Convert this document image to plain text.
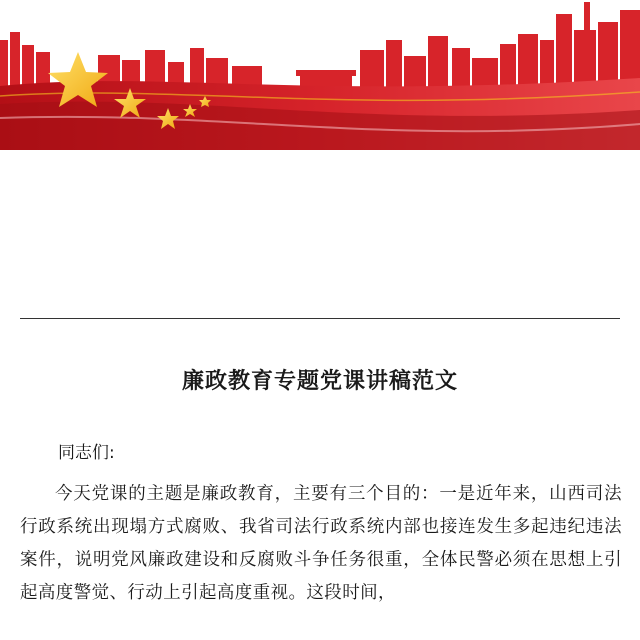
廉政教育专题党课讲稿范文
同志们:

今天党课的主题是廉政教育，主要有三个目的：一是近年来，山西司法行政系统出现塌方式腐败、我省司法行政系统内部也接连发生多起违纪违法案件，说明党风廉政建设和反腐败斗争任务很重，全体民警必须在思想上引起高度警觉、行动上引起高度重视。这段时间，
